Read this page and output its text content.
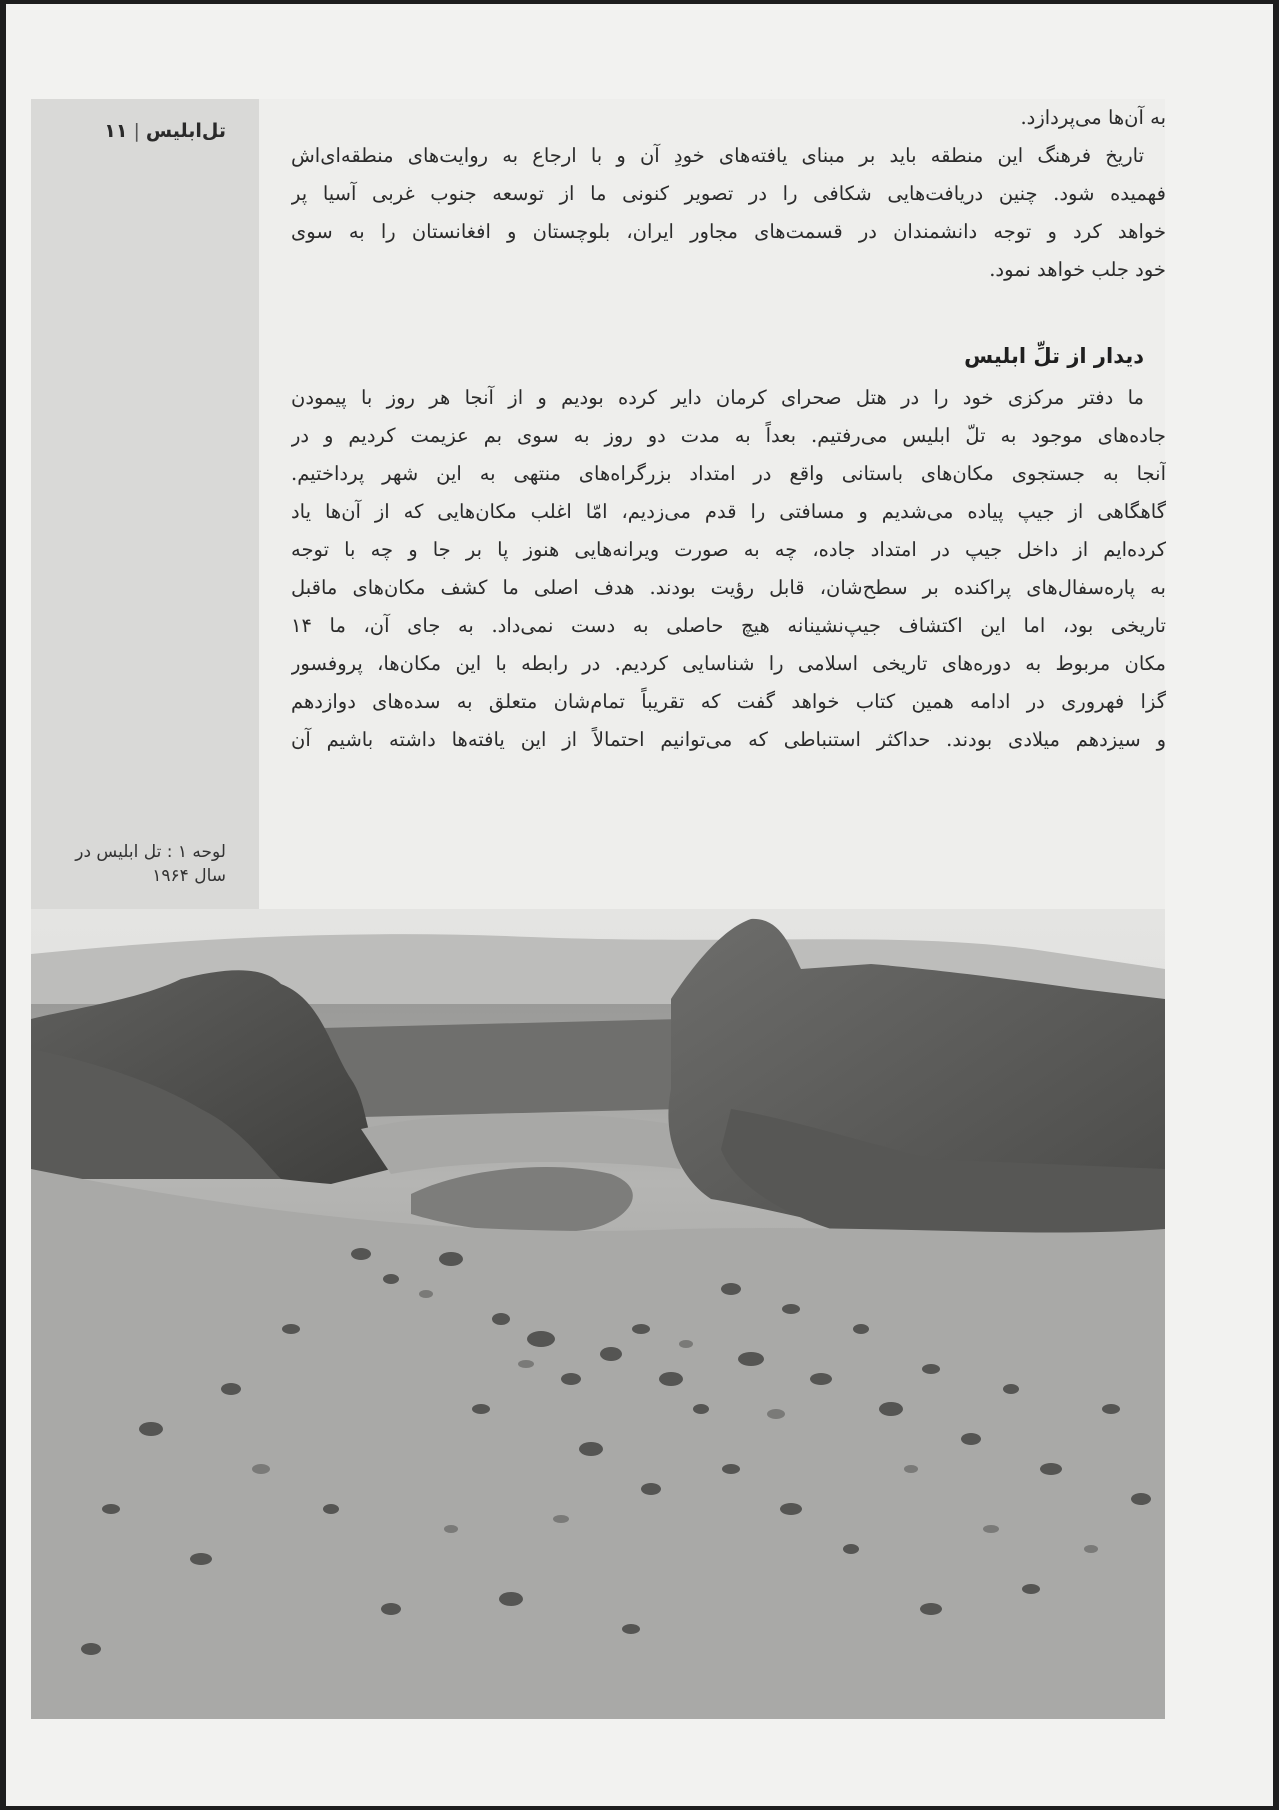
تل‌ابلیس|۱۱
به آن‌ها می‌پردازد.
تاریخ فرهنگ این منطقه باید بر مبنای یافته‌های خودِ آن و با ارجاع به روایت‌های منطقه‌ای‌اش
فهمیده شود. چنین دریافت‌هایی شکافی را در تصویر کنونی ما از توسعه جنوب غربی آسیا پر
خواهد کرد و توجه دانشمندان در قسمت‌های مجاور ایران، بلوچستان و افغانستان را به سوی
خود جلب خواهد نمود.
دیدار از تلِّ ابلیس
ما دفتر مرکزی خود را در هتل صحرای کرمان دایر کرده بودیم و از آنجا هر روز با پیمودن
جاده‌های موجود به تلّ ابلیس می‌رفتیم. بعداً به مدت دو روز به سوی بم عزیمت کردیم و در
آنجا به جستجوی مکان‌های باستانی واقع در امتداد بزرگراه‌های منتهی به این شهر پرداختیم.
گاهگاهی از جیپ پیاده می‌شدیم و مسافتی را قدم می‌زدیم، امّا اغلب مکان‌هایی که از آن‌ها یاد
کرده‌ایم از داخل جیپ در امتداد جاده، چه به صورت ویرانه‌هایی هنوز پا بر جا و چه با توجه
به پاره‌سفال‌های پراکنده بر سطح‌شان، قابل رؤیت بودند. هدف اصلی ما کشف مکان‌های ماقبل
تاریخی بود، اما این اکتشاف جیپ‌نشینانه هیچ حاصلی به دست نمی‌داد. به جای آن، ما ۱۴
مکان مربوط به دوره‌های تاریخی اسلامی را شناسایی کردیم. در رابطه با این مکان‌ها، پروفسور
گزا فهروری در ادامه همین کتاب خواهد گفت که تقریباً تمام‌شان متعلق به سده‌های دوازدهم
و سیزدهم میلادی بودند. حداکثر استنباطی که می‌توانیم احتمالاً از این یافته‌ها داشته باشیم آن
لوحه ۱ : تل ابلیس در
سال ۱۹۶۴
